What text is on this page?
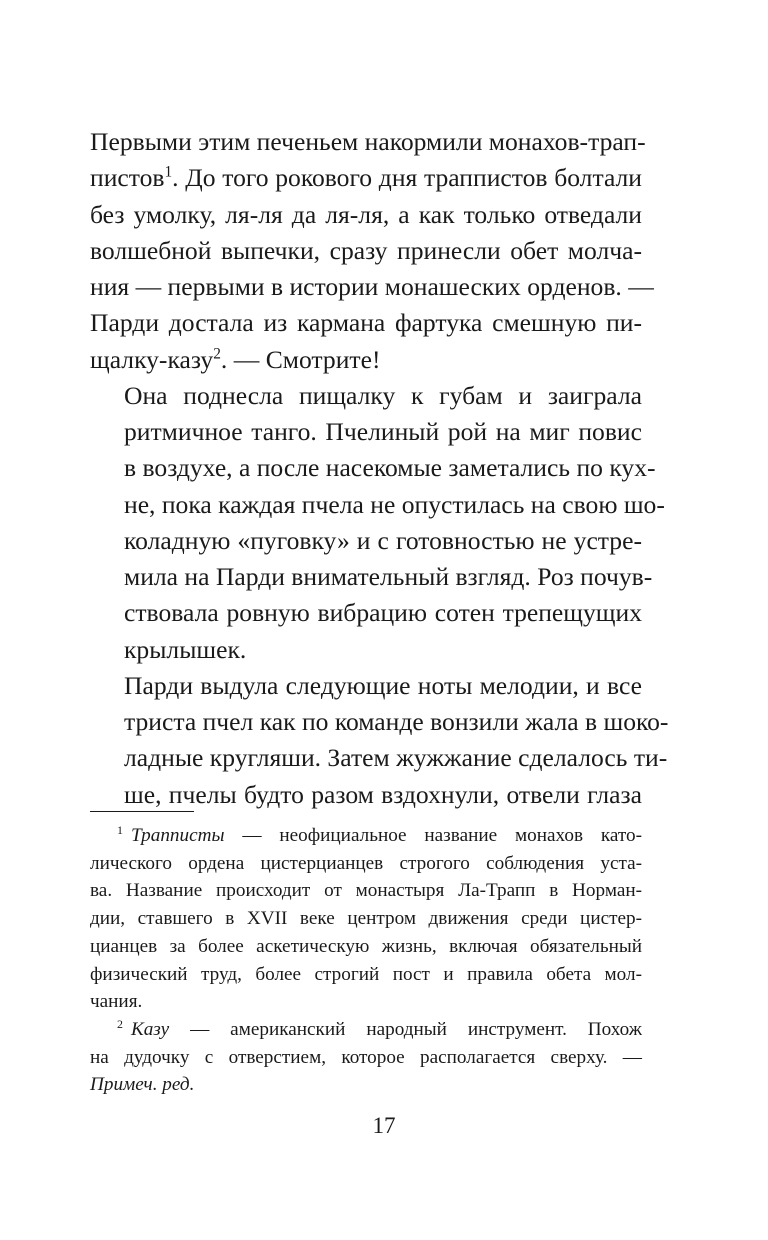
Первыми этим печеньем накормили монахов-трап-
пистов$^1$. До того рокового дня траппистов болтали
без умолку, ля-ля да ля-ля, а как только отведали
волшебной выпечки, сразу принесли обет молча-
ния — первыми в истории монашеских орденов. —
Парди достала из кармана фартука смешную пи-
щалку-казу$^2$. — Смотрите!

Она поднесла пищалку к губам и заиграла
ритмичное танго. Пчелиный рой на миг повис
в воздухе, а после насекомые заметались по кух-
не, пока каждая пчела не опустилась на свою шо-
коладную «пуговку» и с готовностью не устре-
мила на Парди внимательный взгляд. Роз почув-
ствовала ровную вибрацию сотен трепещущих
крылышек.

Парди выдула следующие ноты мелодии, и все
триста пчел как по команде вонзили жала в шоко-
ладные кругляши. Затем жужжание сделалось ти-
ше, пчелы будто разом вздохнули, отвели глаза

$^1$ Трапписты — неофициальное название монахов като-
лического ордена цистерцианцев строгого соблюдения уста-
ва. Название происходит от монастыря Ла-Трапп в Норман-
дии, ставшего в XVII веке центром движения среди цистер-
цианцев за более аскетическую жизнь, включая обязательный
физический труд, более строгий пост и правила обета мол-
чания.

$^2$ Казу — американский народный инструмент. Похож
на дудочку с отверстием, которое располагается сверху. —
Примеч. ред.

17
